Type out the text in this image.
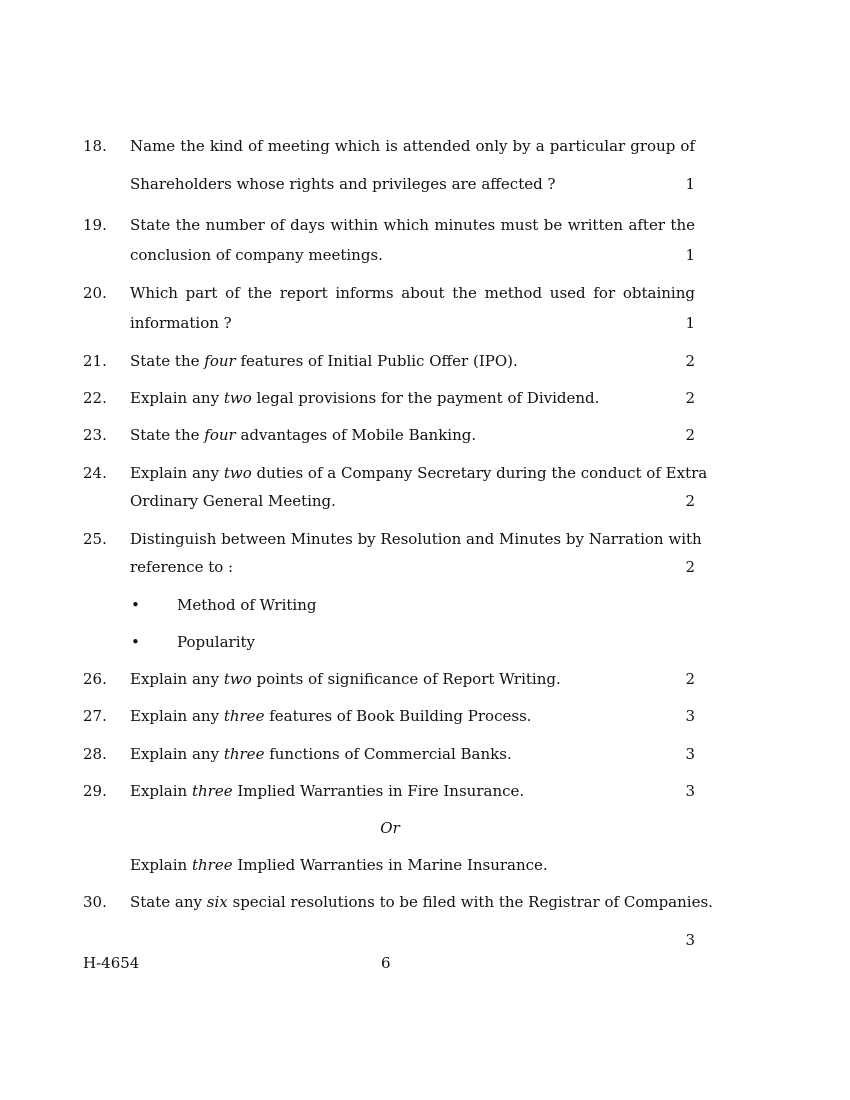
18. Name the kind of meeting which is attended only by a particular group of
Shareholders whose rights and privileges are affected ?	1
19. State the number of days within which minutes must be written after the
conclusion of company meetings.	1
20. Which part of the report informs about the method used for obtaining
information ?	1
21. State the four features of Initial Public Offer (IPO).	2
22. Explain any two legal provisions for the payment of Dividend.	2
23. State the four advantages of Mobile Banking.	2
24. Explain any two duties of a Company Secretary during the conduct of Extra
Ordinary General Meeting.	2
25. Distinguish between Minutes by Resolution and Minutes by Narration with
reference to :	2
• Method of Writing
• Popularity
26. Explain any two points of significance of Report Writing.	2
27. Explain any three features of Book Building Process.	3
28. Explain any three functions of Commercial Banks.	3
29. Explain three Implied Warranties in Fire Insurance.	3
Or
Explain three Implied Warranties in Marine Insurance.
30. State any six special resolutions to be filed with the Registrar of Companies.
3
H-4654	6
